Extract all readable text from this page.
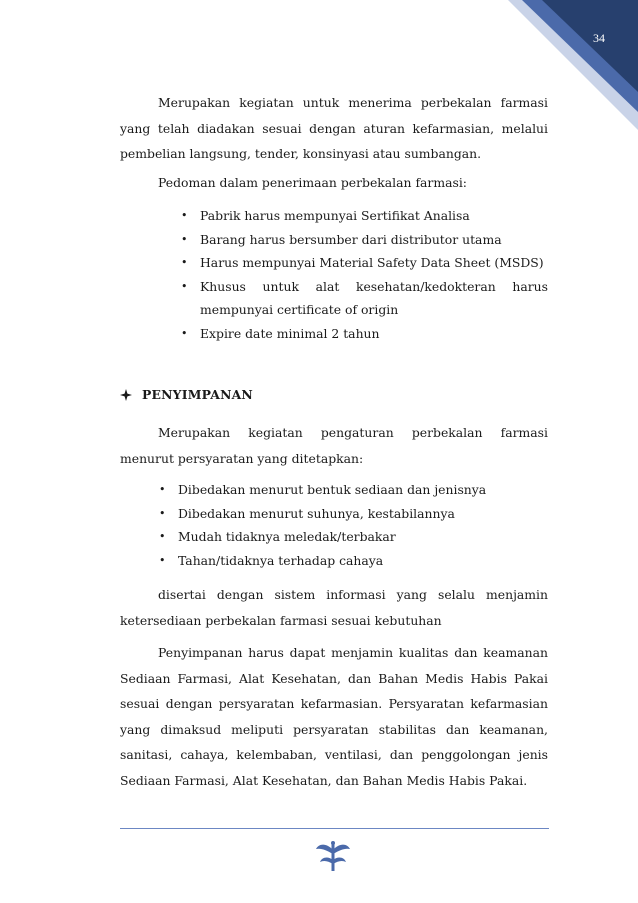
34

Merupakan kegiatan untuk menerima perbekalan farmasi yang telah diadakan sesuai dengan aturan kefarmasian, melalui pembelian langsung, tender, konsinyasi atau sumbangan.

Pedoman dalam penerimaan perbekalan farmasi:

• Pabrik harus mempunyai Sertifikat Analisa
• Barang harus bersumber dari distributor utama
• Harus mempunyai Material Safety Data Sheet (MSDS)
• Khusus untuk alat kesehatan/kedokteran harus mempunyai certificate of origin
• Expire date minimal 2 tahun
PENYIMPANAN

Merupakan kegiatan pengaturan perbekalan farmasi menurut persyaratan yang ditetapkan:

• Dibedakan menurut bentuk sediaan dan jenisnya
• Dibedakan menurut suhunya, kestabilannya
• Mudah tidaknya meledak/terbakar
• Tahan/tidaknya terhadap cahaya

disertai dengan sistem informasi yang selalu menjamin ketersediaan perbekalan farmasi sesuai kebutuhan

Penyimpanan harus dapat menjamin kualitas dan keamanan Sediaan Farmasi, Alat Kesehatan, dan Bahan Medis Habis Pakai sesuai dengan persyaratan kefarmasian. Persyaratan kefarmasian yang dimaksud meliputi persyaratan stabilitas dan keamanan, sanitasi, cahaya, kelembaban, ventilasi, dan penggolongan jenis Sediaan Farmasi, Alat Kesehatan, dan Bahan Medis Habis Pakai.
